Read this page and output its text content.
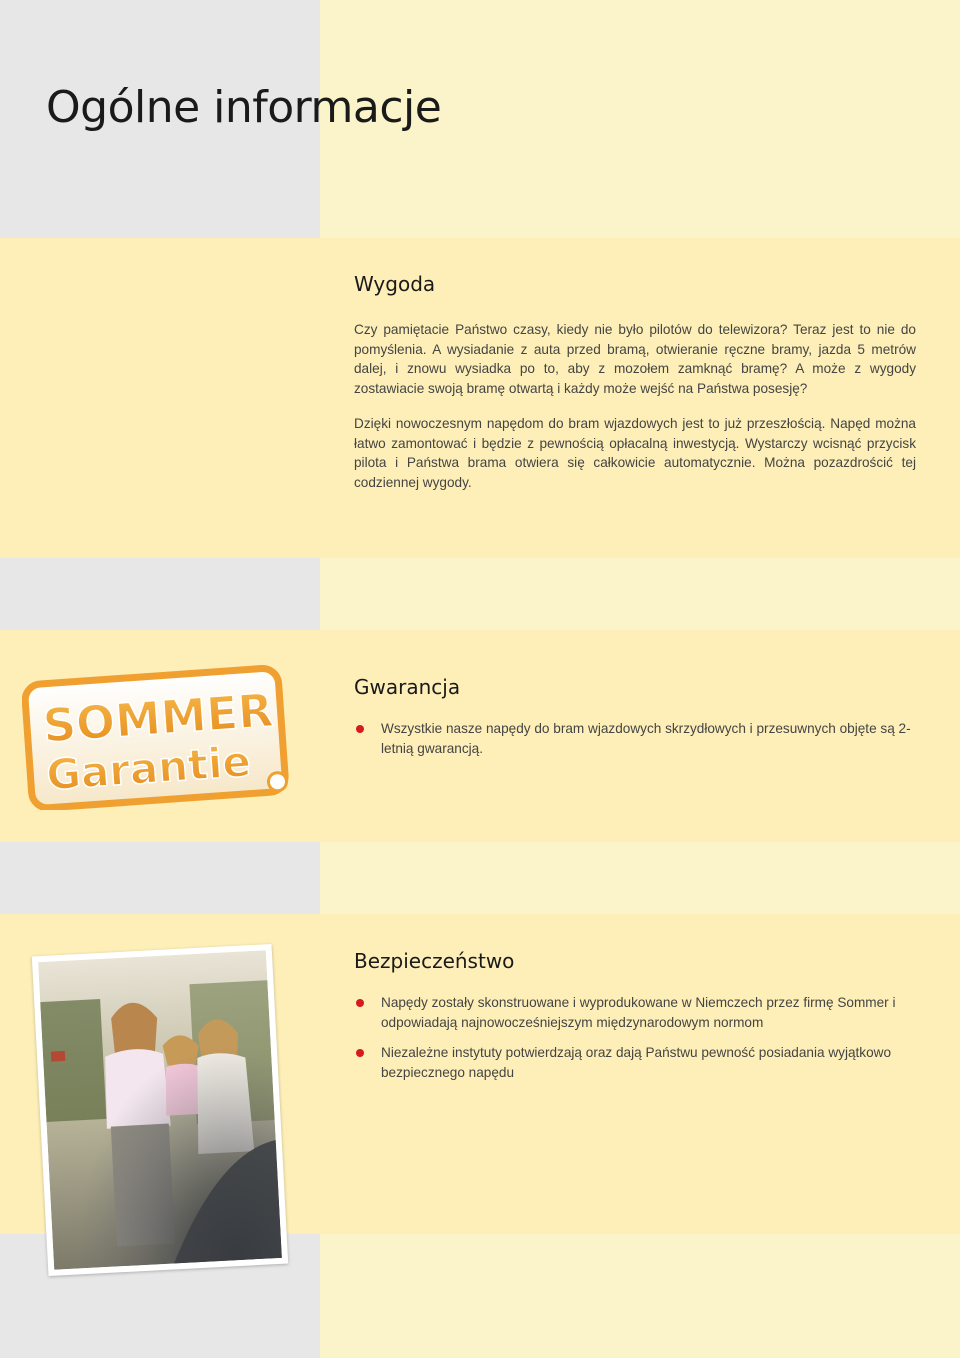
Ogólne informacje
Wygoda

Czy pamiętacie Państwo czasy, kiedy nie było pilotów do telewizora? Teraz jest to nie do pomyślenia. A wysiadanie z auta przed bramą, otwieranie ręczne bramy, jazda 5 metrów dalej, i znowu wysiadka po to, aby z mozołem zamknąć bramę? A może z wygody zostawiacie swoją bramę otwartą i każdy może wejść na Państwa posesję?

Dzięki nowoczesnym napędom do bram wjazdowych jest to już przeszłością. Napęd można łatwo zamontować i będzie z pewnością opłacalną inwestycją. Wystarczy wcisnąć przycisk pilota i Państwa brama otwiera się całkowicie automatycznie. Można pozazdrościć tej codziennej wygody.

SOMMER
Garantie
Gwarancja
Wszystkie nasze napędy do bram wjazdowych skrzydłowych i przesuwnych objęte są 2-letnią gwarancją.
Bezpieczeństwo
Napędy zostały skonstruowane i wyprodukowane w Niemczech przez firmę Sommer i odpowiadają najnowocześniejszym międzynarodowym normom
Niezależne instytuty potwierdzają oraz dają Państwu pewność posiadania wyjątkowo bezpiecznego napędu
